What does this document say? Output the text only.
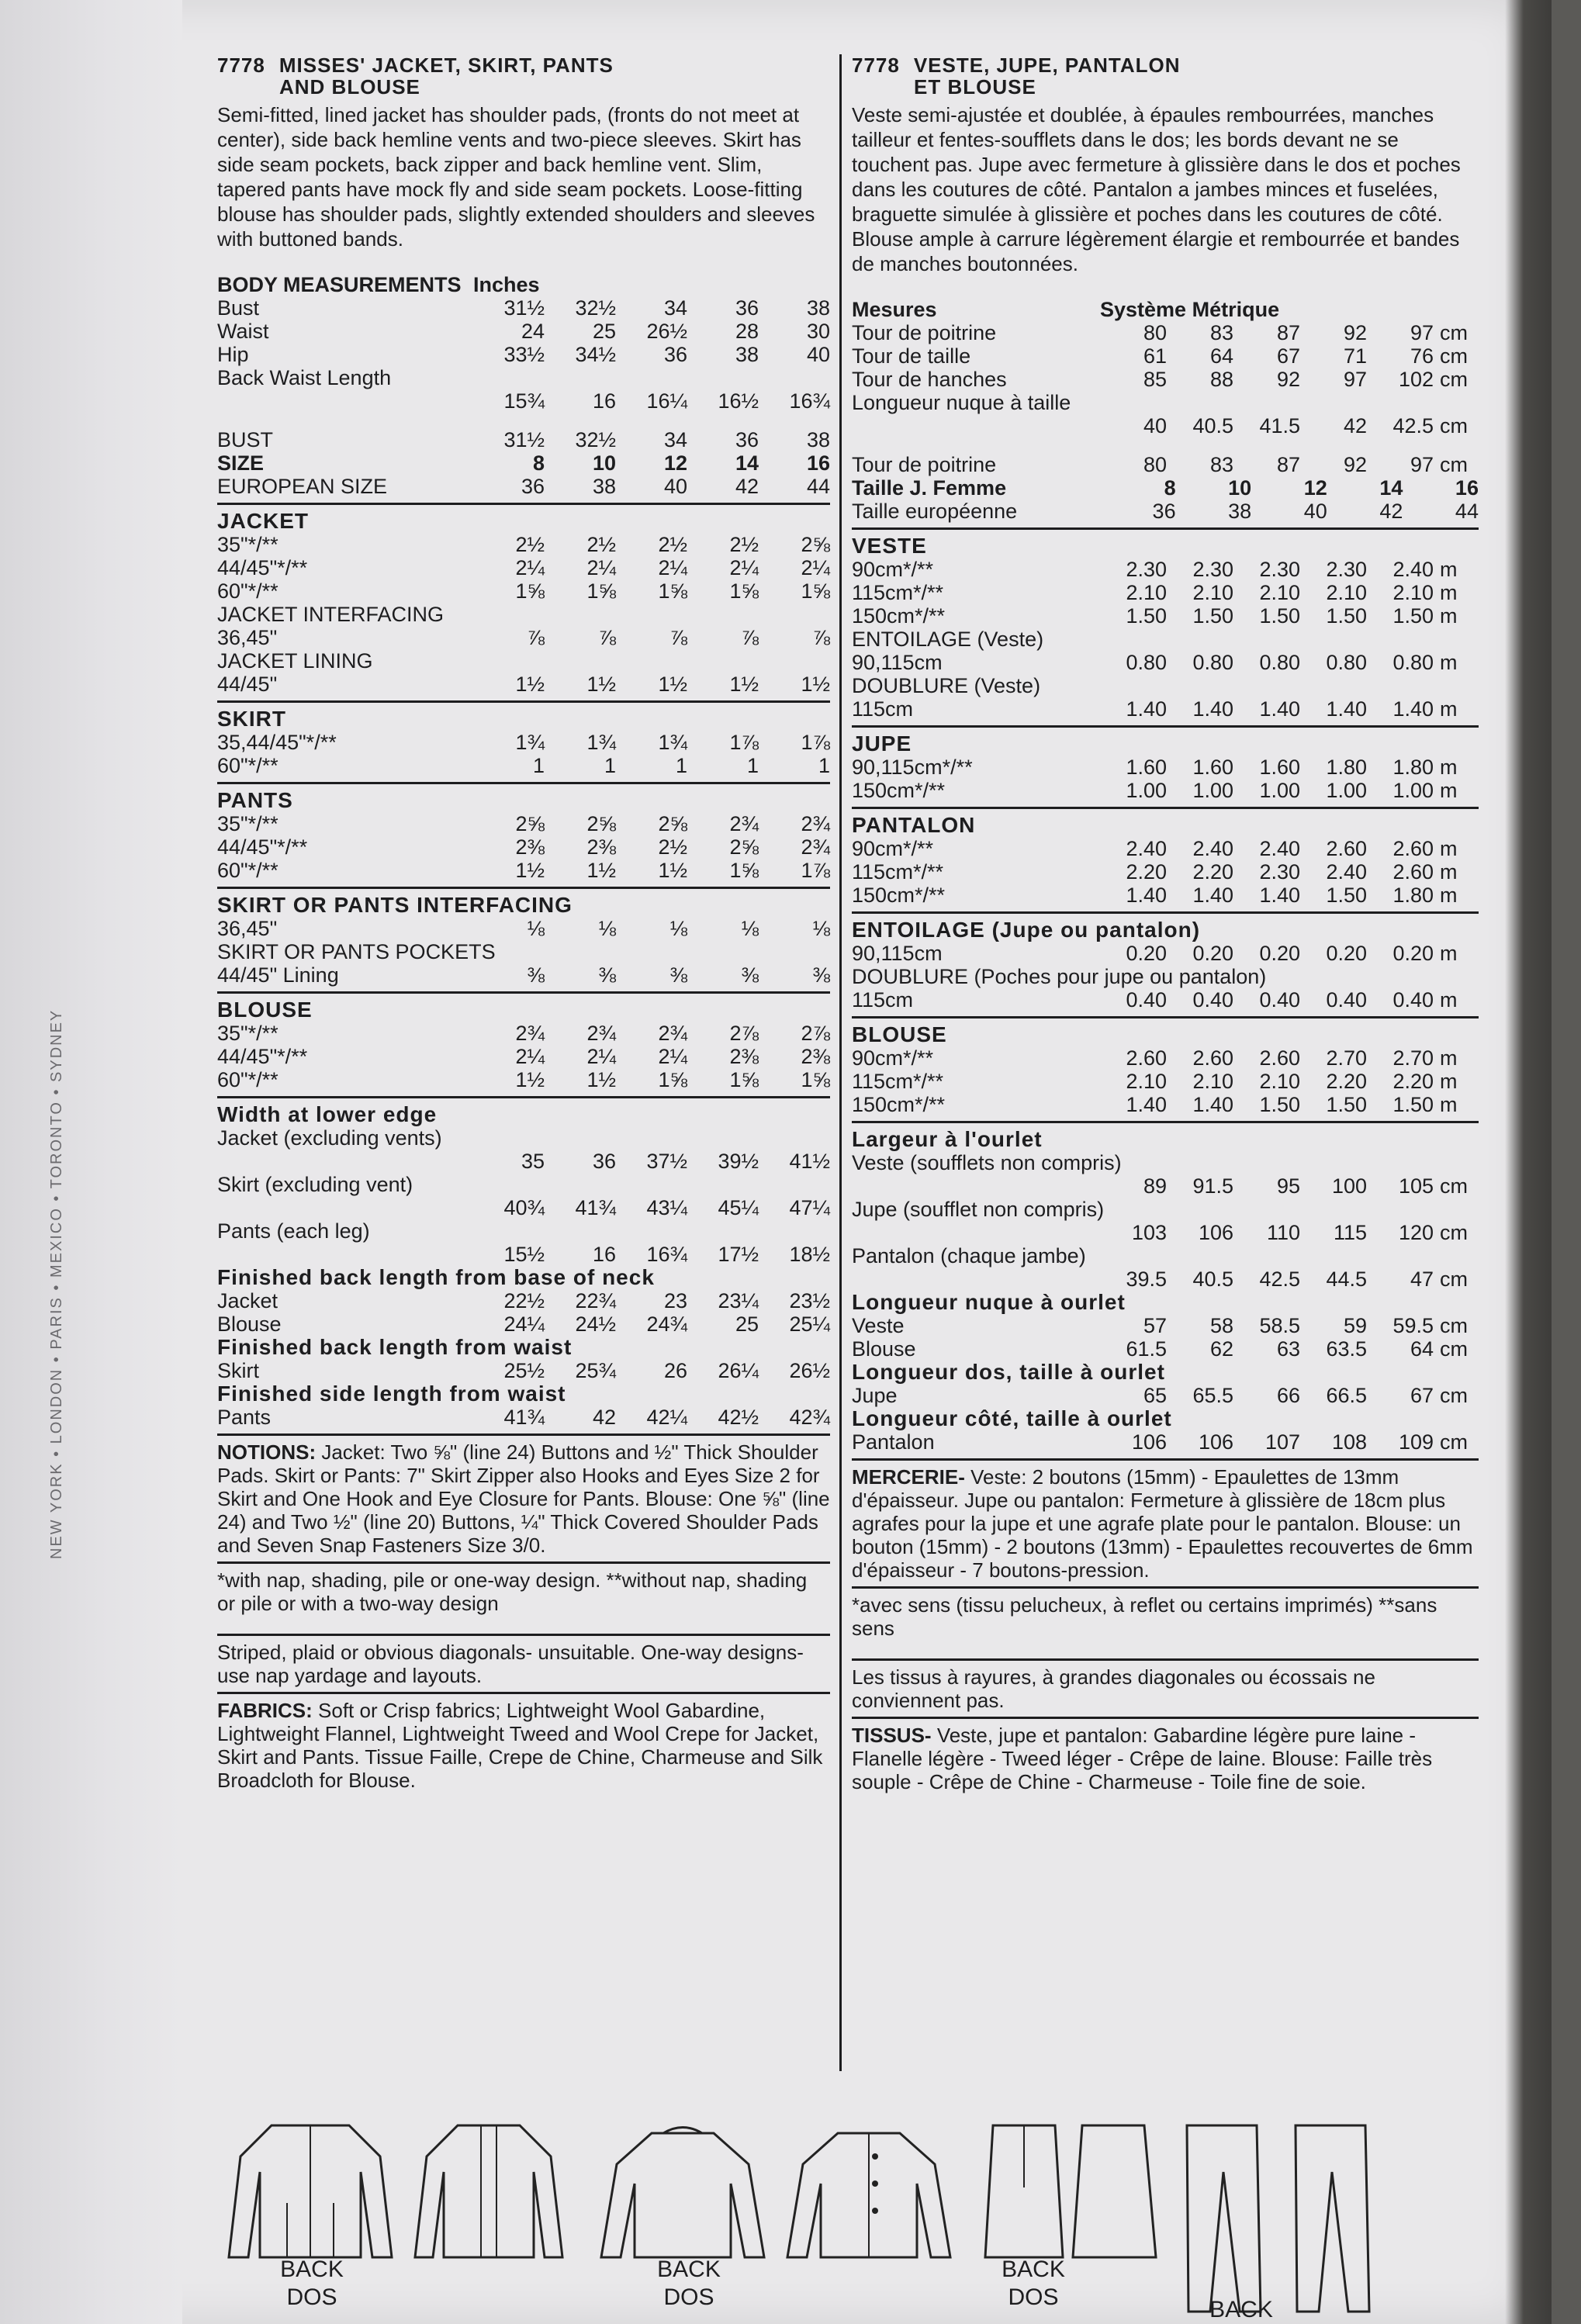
NEW YORK • LONDON • PARIS • MEXICO • TORONTO • SYDNEY
7778 MISSES' JACKET, SKIRT, PANTS
AND BLOUSE
Semi-fitted, lined jacket has shoulder pads, (fronts do not meet at center), side back hemline vents and two-piece sleeves. Skirt has side seam pockets, back zipper and back hemline vent. Slim, tapered pants have mock fly and side seam pockets. Loose-fitting blouse has shoulder pads, slightly extended shoulders and sleeves with buttoned bands.
BODY MEASUREMENTS Inches
Bust	31½	32½	34	36	38
Waist	24	25	26½	28	30
Hip	33½	34½	36	38	40
Back Waist Length
15¾	16	16¼	16½	16¾
BUST	31½	32½	34	36	38
SIZE	8	10	12	14	16
EUROPEAN SIZE	36	38	40	42	44
JACKET
35"*/**	2½	2½	2½	2½	2⅝
44/45"*/**	2¼	2¼	2¼	2¼	2¼
60"*/**	1⅝	1⅝	1⅝	1⅝	1⅝
JACKET INTERFACING
36,45"	⅞	⅞	⅞	⅞	⅞
JACKET LINING
44/45"	1½	1½	1½	1½	1½
SKIRT
35,44/45"*/**	1¾	1¾	1¾	1⅞	1⅞
60"*/**	1	1	1	1	1
PANTS
35"*/**	2⅝	2⅝	2⅝	2¾	2¾
44/45"*/**	2⅜	2⅜	2½	2⅝	2¾
60"*/**	1½	1½	1½	1⅝	1⅞
SKIRT OR PANTS INTERFACING
36,45"	⅛	⅛	⅛	⅛	⅛
SKIRT OR PANTS POCKETS
44/45" Lining	⅜	⅜	⅜	⅜	⅜
BLOUSE
35"*/**	2¾	2¾	2¾	2⅞	2⅞
44/45"*/**	2¼	2¼	2¼	2⅜	2⅜
60"*/**	1½	1½	1⅝	1⅝	1⅝
Width at lower edge
Jacket (excluding vents)
35	36	37½	39½	41½
Skirt (excluding vent)
40¾	41¾	43¼	45¼	47¼
Pants (each leg)
15½	16	16¾	17½	18½
Finished back length from base of neck
Jacket	22½	22¾	23	23¼	23½
Blouse	24¼	24½	24¾	25	25¼
Finished back length from waist
Skirt	25½	25¾	26	26¼	26½
Finished side length from waist
Pants	41¾	42	42¼	42½	42¾
NOTIONS: Jacket: Two ⅝" (line 24) Buttons and ½" Thick Shoulder Pads. Skirt or Pants: 7" Skirt Zipper also Hooks and Eyes Size 2 for Skirt and One Hook and Eye Closure for Pants. Blouse: One ⅝" (line 24) and Two ½" (line 20) Buttons, ¼" Thick Covered Shoulder Pads and Seven Snap Fasteners Size 3/0.
*with nap, shading, pile or one-way design. **without nap, shading or pile or with a two-way design
Striped, plaid or obvious diagonals- unsuitable. One-way designs- use nap yardage and layouts.
FABRICS: Soft or Crisp fabrics; Lightweight Wool Gabardine, Lightweight Flannel, Lightweight Tweed and Wool Crepe for Jacket, Skirt and Pants. Tissue Faille, Crepe de Chine, Charmeuse and Silk Broadcloth for Blouse.
7778 VESTE, JUPE, PANTALON
ET BLOUSE
Veste semi-ajustée et doublée, à épaules rembourrées, manches tailleur et fentes-soufflets dans le dos; les bords devant ne se touchent pas. Jupe avec fermeture à glissière dans le dos et poches dans les coutures de côté. Pantalon a jambes minces et fuselées, braguette simulée à glissière et poches dans les coutures de côté. Blouse ample à carrure légèrement élargie et rembourrée et bandes de manches boutonnées.
Mesures	Système Métrique
Tour de poitrine	80	83	87	92	97 cm
Tour de taille	61	64	67	71	76 cm
Tour de hanches	85	88	92	97	102 cm
Longueur nuque à taille
40	40.5	41.5	42	42.5 cm
Tour de poitrine	80	83	87	92	97 cm
Taille J. Femme	8	10	12	14	16
Taille européenne	36	38	40	42	44
VESTE
90cm*/**	2.30	2.30	2.30	2.30	2.40 m
115cm*/**	2.10	2.10	2.10	2.10	2.10 m
150cm*/**	1.50	1.50	1.50	1.50	1.50 m
ENTOILAGE (Veste)
90,115cm	0.80	0.80	0.80	0.80	0.80 m
DOUBLURE (Veste)
115cm	1.40	1.40	1.40	1.40	1.40 m
JUPE
90,115cm*/**	1.60	1.60	1.60	1.80	1.80 m
150cm*/**	1.00	1.00	1.00	1.00	1.00 m
PANTALON
90cm*/**	2.40	2.40	2.40	2.60	2.60 m
115cm*/**	2.20	2.20	2.30	2.40	2.60 m
150cm*/**	1.40	1.40	1.40	1.50	1.80 m
ENTOILAGE (Jupe ou pantalon)
90,115cm	0.20	0.20	0.20	0.20	0.20 m
DOUBLURE (Poches pour jupe ou pantalon)
115cm	0.40	0.40	0.40	0.40	0.40 m
BLOUSE
90cm*/**	2.60	2.60	2.60	2.70	2.70 m
115cm*/**	2.10	2.10	2.10	2.20	2.20 m
150cm*/**	1.40	1.40	1.50	1.50	1.50 m
Largeur à l'ourlet
Veste (soufflets non compris)
89	91.5	95	100	105 cm
Jupe (soufflet non compris)
103	106	110	115	120 cm
Pantalon (chaque jambe)
39.5	40.5	42.5	44.5	47 cm
Longueur nuque à ourlet
Veste	57	58	58.5	59	59.5 cm
Blouse	61.5	62	63	63.5	64 cm
Longueur dos, taille à ourlet
Jupe	65	65.5	66	66.5	67 cm
Longueur côté, taille à ourlet
Pantalon	106	106	107	108	109 cm
MERCERIE- Veste: 2 boutons (15mm) - Epaulettes de 13mm d'épaisseur. Jupe ou pantalon: Fermeture à glissière de 18cm plus agrafes pour la jupe et une agrafe plate pour le pantalon. Blouse: un bouton (15mm) - 2 boutons (13mm) - Epaulettes recouvertes de 6mm d'épaisseur - 7 boutons-pression.
*avec sens (tissu pelucheux, à reflet ou certains imprimés) **sans sens
Les tissus à rayures, à grandes diagonales ou écossais ne conviennent pas.
TISSUS- Veste, jupe et pantalon: Gabardine légère pure laine - Flanelle légère - Tweed léger - Crêpe de laine. Blouse: Faille très souple - Crêpe de Chine - Charmeuse - Toile fine de soie.
BACK
DOS
BACK
DOS
BACK
DOS	BACK
